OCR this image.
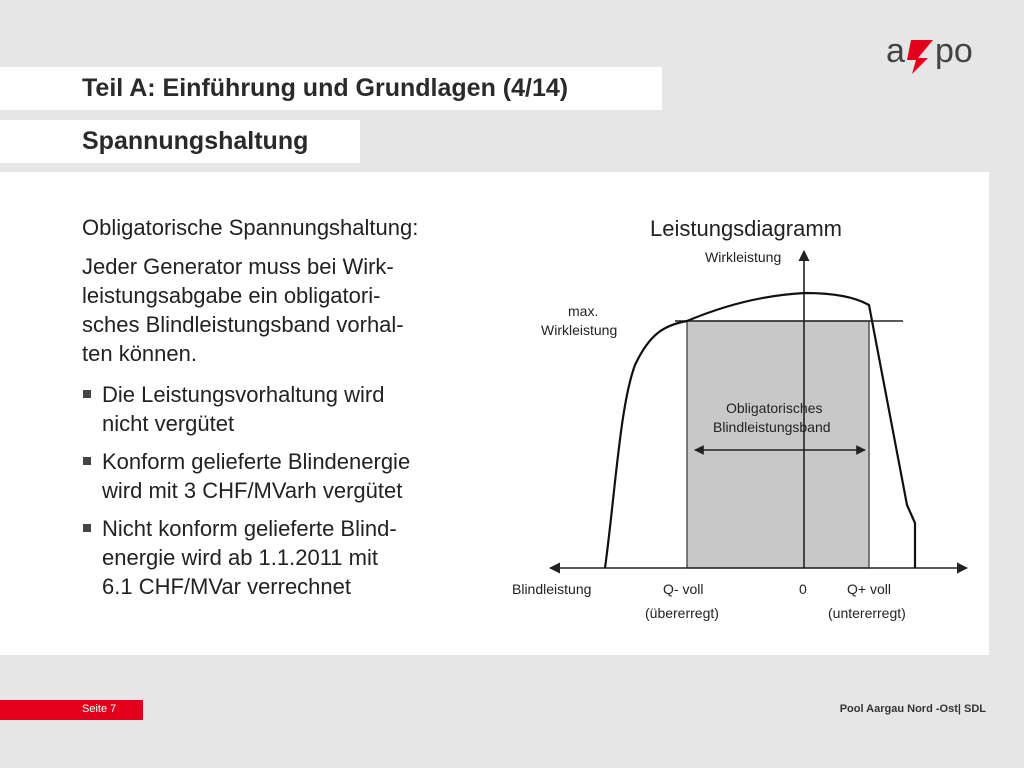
Teil A: Einführung und Grundlagen (4/14)
Spannungshaltung
a po

Obligatorische Spannungshaltung:

Jeder Generator muss bei Wirk-
leistungsabgabe ein obligatori-
sches Blindleistungsband vorhal-
ten können.

Die Leistungsvorhaltung wird
nicht vergütet
Konform gelieferte Blindenergie
wird mit 3 CHF/MVarh vergütet
Nicht konform gelieferte Blind-
energie wird ab 1.1.2011 mit
6.1 CHF/MVar verrechnet
Leistungsdiagramm
Wirkleistung
max.
Wirkleistung
Obligatorisches
Blindleistungsband
Blindleistung	Q- voll	0	Q+ voll
(übererregt)	(untererregt)
Seite 7	Pool Aargau Nord -Ost| SDL
